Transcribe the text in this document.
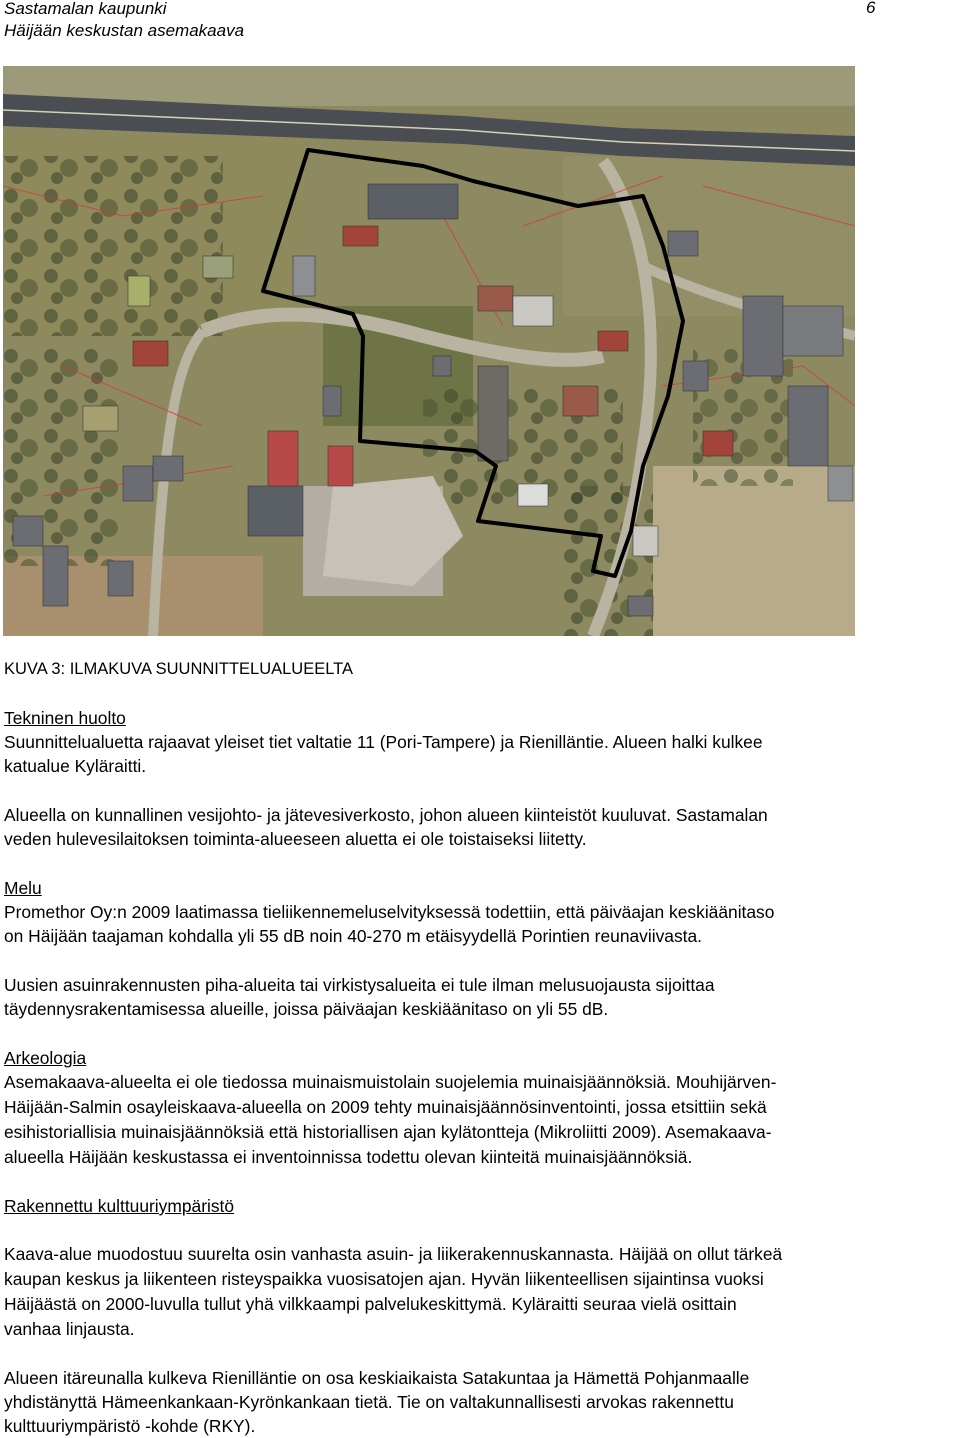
Sastamalan kaupunki
Häijään keskustan asemakaava
6

KUVA 3: ILMAKUVA SUUNNITTELUALUEELTA

Tekninen huolto

Suunnittelualuetta rajaavat yleiset tiet valtatie 11 (Pori-Tampere) ja Rienilläntie. Alueen halki kulkee

katualue Kyläraitti.

Alueella on kunnallinen vesijohto- ja jätevesiverkosto, johon alueen kiinteistöt kuuluvat. Sastamalan

veden hulevesilaitoksen toiminta-alueeseen aluetta ei ole toistaiseksi liitetty.

Melu

Promethor Oy:n 2009 laatimassa tieliikennemeluselvityksessä todettiin, että päiväajan keskiäänitaso

on Häijään taajaman kohdalla yli 55 dB noin 40-270 m etäisyydellä Porintien reunaviivasta.

Uusien asuinrakennusten piha-alueita tai virkistysalueita ei tule ilman melusuojausta sijoittaa

täydennysrakentamisessa alueille, joissa päiväajan keskiäänitaso on yli 55 dB.

Arkeologia

Asemakaava-alueelta ei ole tiedossa muinaismuistolain suojelemia muinaisjäännöksiä. Mouhijärven-

Häijään-Salmin osayleiskaava-alueella on 2009 tehty muinaisjäännösinventointi, jossa etsittiin sekä

esihistoriallisia muinaisjäännöksiä että historiallisen ajan kylätontteja (Mikroliitti 2009). Asemakaava-

alueella Häijään keskustassa ei inventoinnissa todettu olevan kiinteitä muinaisjäännöksiä.

Rakennettu kulttuuriympäristö

Kaava-alue muodostuu suurelta osin vanhasta asuin- ja liikerakennuskannasta. Häijää on ollut tärkeä

kaupan keskus ja liikenteen risteyspaikka vuosisatojen ajan. Hyvän liikenteellisen sijaintinsa vuoksi

Häijäästä on 2000-luvulla tullut yhä vilkkaampi palvelukeskittymä. Kyläraitti seuraa vielä osittain

vanhaa linjausta.

Alueen itäreunalla kulkeva Rienilläntie on osa keskiaikaista Satakuntaa ja Hämettä Pohjanmaalle

yhdistänyttä Hämeenkankaan-Kyrönkankaan tietä. Tie on valtakunnallisesti arvokas rakennettu

kulttuuriympäristö -kohde (RKY).
